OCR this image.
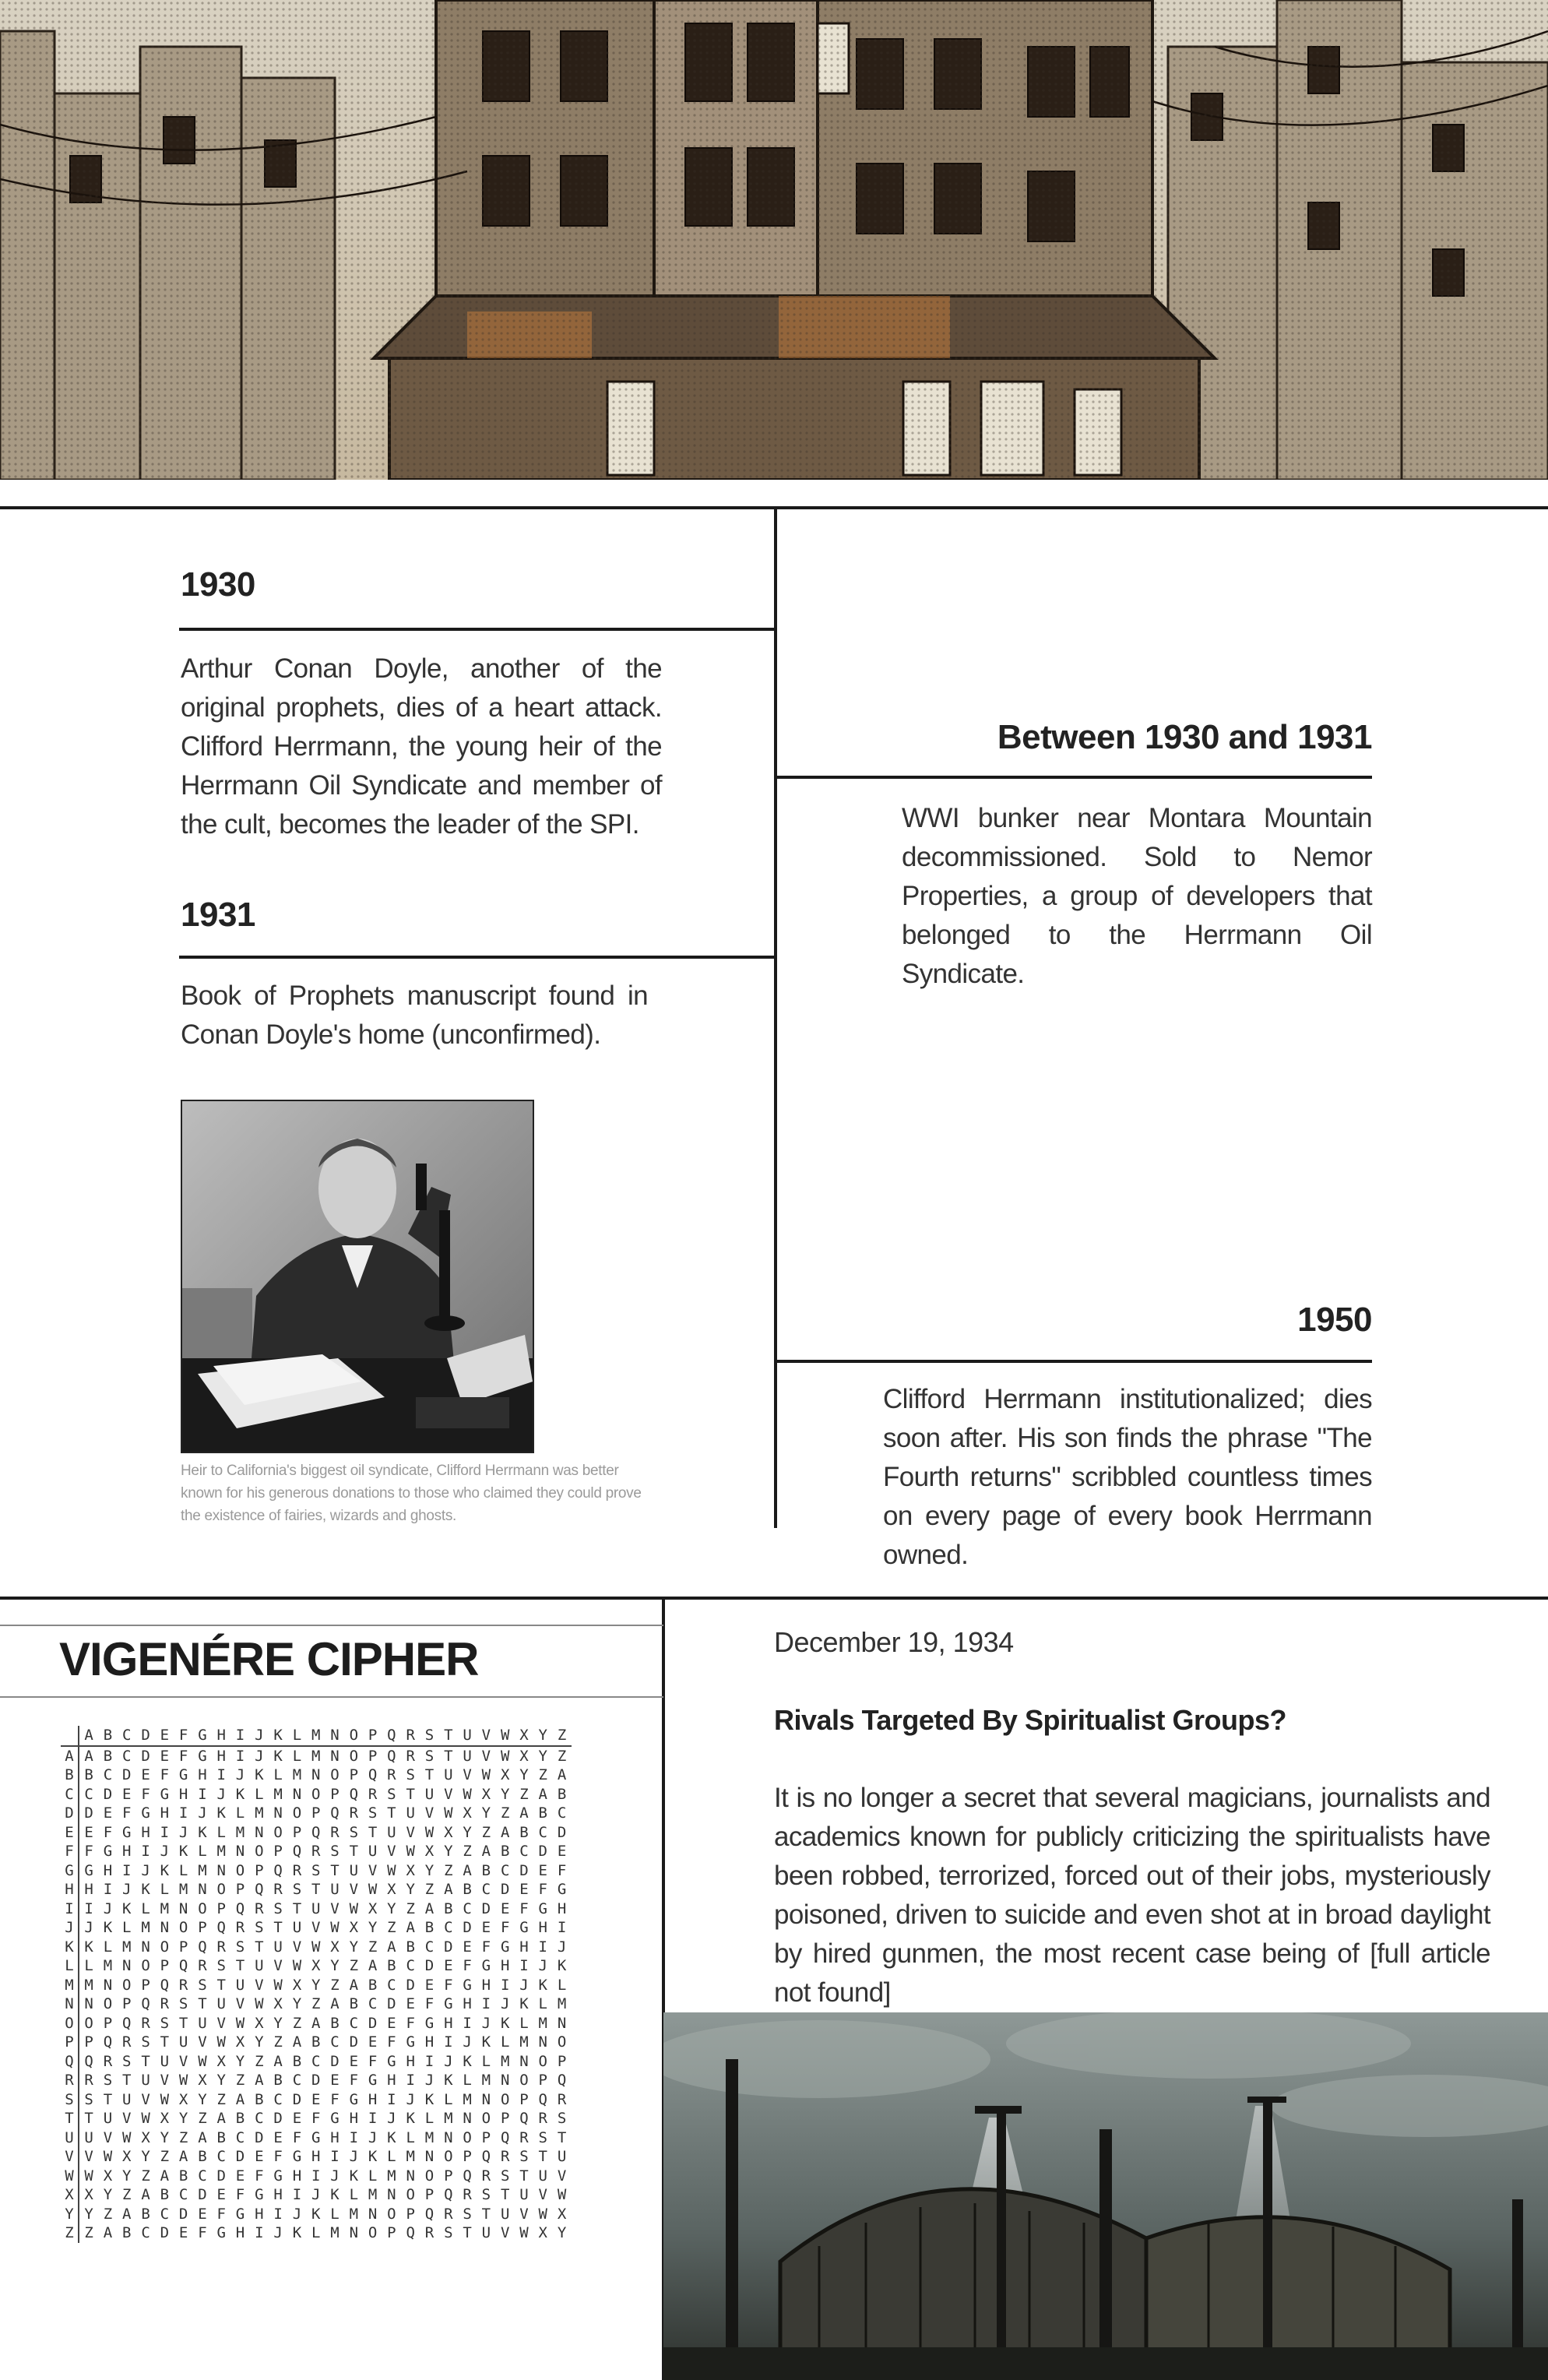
1930
Arthur Conan Doyle, another of the original prophets, dies of a heart attack. Clifford Herrmann, the young heir of the Herrmann Oil Syndicate and member of the cult, becomes the leader of the SPI.
1931
Book of Prophets manuscript found in Conan Doyle's home (unconfirmed).
Heir to California's biggest oil syndicate, Clifford Herrmann was better known for his generous donations to those who claimed they could prove the existence of fairies, wizards and ghosts.
Between 1930 and 1931
WWI bunker near Montara Mountain decommissioned. Sold to Nemor Properties, a group of developers that belonged to the Herrmann Oil Syndicate.
1950
Clifford Herrmann institutionalized; dies soon after. His son finds the phrase "The Fourth returns" scribbled countless times on every page of every book Herrmann owned.
VIGENÉRE CIPHER
	A	B	C	D	E	F	G	H	I	J	K	L	M	N	O	P	Q	R	S	T	U	V	W	X	Y	Z
A	A	B	C	D	E	F	G	H	I	J	K	L	M	N	O	P	Q	R	S	T	U	V	W	X	Y	Z
B	B	C	D	E	F	G	H	I	J	K	L	M	N	O	P	Q	R	S	T	U	V	W	X	Y	Z	A
C	C	D	E	F	G	H	I	J	K	L	M	N	O	P	Q	R	S	T	U	V	W	X	Y	Z	A	B
D	D	E	F	G	H	I	J	K	L	M	N	O	P	Q	R	S	T	U	V	W	X	Y	Z	A	B	C
E	E	F	G	H	I	J	K	L	M	N	O	P	Q	R	S	T	U	V	W	X	Y	Z	A	B	C	D
F	F	G	H	I	J	K	L	M	N	O	P	Q	R	S	T	U	V	W	X	Y	Z	A	B	C	D	E
G	G	H	I	J	K	L	M	N	O	P	Q	R	S	T	U	V	W	X	Y	Z	A	B	C	D	E	F
H	H	I	J	K	L	M	N	O	P	Q	R	S	T	U	V	W	X	Y	Z	A	B	C	D	E	F	G
I	I	J	K	L	M	N	O	P	Q	R	S	T	U	V	W	X	Y	Z	A	B	C	D	E	F	G	H
J	J	K	L	M	N	O	P	Q	R	S	T	U	V	W	X	Y	Z	A	B	C	D	E	F	G	H	I
K	K	L	M	N	O	P	Q	R	S	T	U	V	W	X	Y	Z	A	B	C	D	E	F	G	H	I	J
L	L	M	N	O	P	Q	R	S	T	U	V	W	X	Y	Z	A	B	C	D	E	F	G	H	I	J	K
M	M	N	O	P	Q	R	S	T	U	V	W	X	Y	Z	A	B	C	D	E	F	G	H	I	J	K	L
N	N	O	P	Q	R	S	T	U	V	W	X	Y	Z	A	B	C	D	E	F	G	H	I	J	K	L	M
O	O	P	Q	R	S	T	U	V	W	X	Y	Z	A	B	C	D	E	F	G	H	I	J	K	L	M	N
P	P	Q	R	S	T	U	V	W	X	Y	Z	A	B	C	D	E	F	G	H	I	J	K	L	M	N	O
Q	Q	R	S	T	U	V	W	X	Y	Z	A	B	C	D	E	F	G	H	I	J	K	L	M	N	O	P
R	R	S	T	U	V	W	X	Y	Z	A	B	C	D	E	F	G	H	I	J	K	L	M	N	O	P	Q
S	S	T	U	V	W	X	Y	Z	A	B	C	D	E	F	G	H	I	J	K	L	M	N	O	P	Q	R
T	T	U	V	W	X	Y	Z	A	B	C	D	E	F	G	H	I	J	K	L	M	N	O	P	Q	R	S
U	U	V	W	X	Y	Z	A	B	C	D	E	F	G	H	I	J	K	L	M	N	O	P	Q	R	S	T
V	V	W	X	Y	Z	A	B	C	D	E	F	G	H	I	J	K	L	M	N	O	P	Q	R	S	T	U
W	W	X	Y	Z	A	B	C	D	E	F	G	H	I	J	K	L	M	N	O	P	Q	R	S	T	U	V
X	X	Y	Z	A	B	C	D	E	F	G	H	I	J	K	L	M	N	O	P	Q	R	S	T	U	V	W
Y	Y	Z	A	B	C	D	E	F	G	H	I	J	K	L	M	N	O	P	Q	R	S	T	U	V	W	X
Z	Z	A	B	C	D	E	F	G	H	I	J	K	L	M	N	O	P	Q	R	S	T	U	V	W	X	Y
December 19, 1934
Rivals Targeted By Spiritualist Groups?
It is no longer a secret that several magicians, journalists and academics known for publicly criticizing the spiritualists have been robbed, terrorized, forced out of their jobs, mysteriously poisoned, driven to suicide and even shot at in broad daylight by hired gunmen, the most recent case being of [full article not found]
